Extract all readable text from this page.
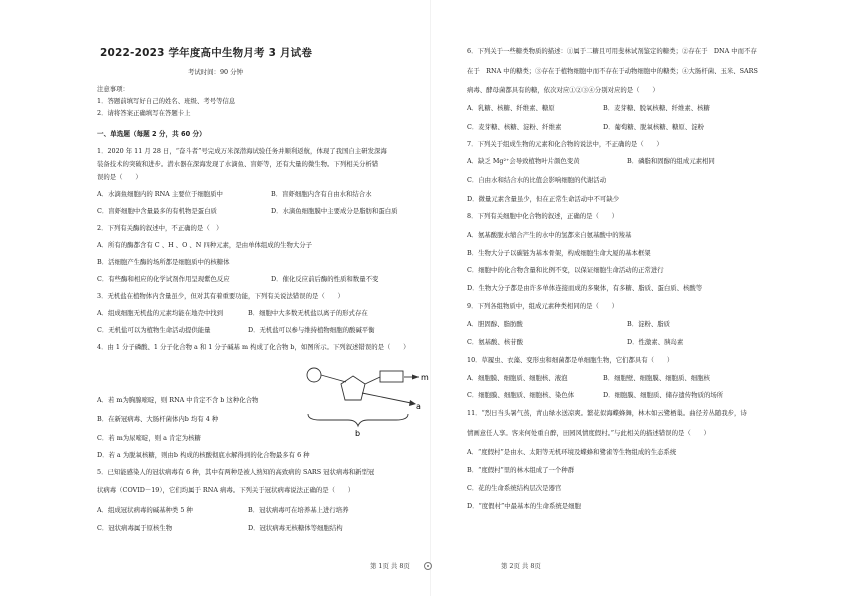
2022-2023 学年度高中生物月考 3 月试卷
考试时间：90 分钟
注意事项：
1．答题前填写好自己的姓名、班级、考号等信息
2．请将答案正确填写在答题卡上
一、单选题（每题 2 分，共 60 分）
1．2020 年 11 月 28 日，“奋斗者”号完成万米深潜海试验任务并顺利返航，体现了我国自主研发深海
装备技术的突破和进步。潜水器在深海发现了水滴鱼、盲虾等，还有大量的微生物。下列相关分析错
误的是（　　）
A．水滴鱼细胞内的 RNA 主要位于细胞质中	B．盲虾细胞内含有自由水和结合水
C．盲虾细胞中含量最多的有机物是蛋白质	D．水滴鱼细胞膜中主要成分是脂肪和蛋白质
2．下列有关酶的叙述中，不正确的是（　）
A．所有的酶都含有 C 、H 、O 、N 四种元素，是由单体组成的生物大分子
B．活细胞产生酶的场所都是细胞质中的核糖体
C．有些酶和相应的化学试剂作用呈现紫色反应	D．催化反应前后酶的性质和数量不变
3．无机盐在植物体内含量虽少，但对其有着重要功能，下列有关说法错误的是（　　）
A．组成细胞无机盐的元素均能在地壳中找到	B．细胞中大多数无机盐以离子的形式存在
C．无机盐可以为植物生命活动提供能量	D．无机盐可以参与维持植物细胞的酸碱平衡
4．由 1 分子磷酸、1 分子化合物 a 和 1 分子碱基 m 构成了化合物 b，如图所示。下列叙述错误的是（　　）
m
a
b
A．若 m为胸腺嘧啶，则 RNA 中肯定不含 b 这种化合物
B．在新冠病毒、大肠杆菌体内b 均有 4 种
C．若 m为尿嘧啶，则 a 肯定为核糖
D．若 a 为脱氧核糖，则由b 构成的核酸彻底水解得到的化合物最多有 6 种
5．已知能感染人的冠状病毒有 6 种，其中有两种是被人熟知的高致病的 SARS 冠状病毒和新型冠
状病毒（COVID－19），它们均属于 RNA 病毒。下列关于冠状病毒说法正确的是（　　）
A．组成冠状病毒的碱基种类 5 种	B．冠状病毒可在培养基上进行培养
C．冠状病毒属于原核生物	D．冠状病毒无核糖体等细胞结构
第 1页 共 8页
6．下列关于一些糖类物质的描述：①属于二糖且可用斐林试剂鉴定的糖类；②存在于　DNA 中而不存
在于　RNA 中的糖类；③存在于植物细胞中而不存在于动物细胞中的糖类；④大肠杆菌、玉米、SARS
病毒、酵母菌都具有的糖，依次对应①②③④分别对应的是（　　）
A．乳糖、核糖、纤维素、糖原	B．麦芽糖、脱氧核糖、纤维素、核糖
C．麦芽糖、核糖、淀粉、纤维素	D．葡萄糖、脱氧核糖、糖原、淀粉
7．下列关于组成生物的元素和化合物的说法中，不正确的是（　　）
A．缺乏 Mg²⁺会导致植物叶片颜色变黄	B．磷脂和固醇的组成元素相同
C．自由水和结合水的比值会影响细胞的代谢活动
D．微量元素含量虽少，但在正常生命活动中不可缺少
8．下列有关细胞中化合物的叙述，正确的是（　　）
A．氨基酸脱水缩合产生的水中的氢都来自氨基酸中的羧基
B．生物大分子以碳链为基本骨架，构成细胞生命大厦的基本框架
C．细胞中的化合物含量和比例不变，以保证细胞生命活动的正常进行
D．生物大分子都是由许多单体连接而成的多聚体，有多糖、脂质、蛋白质、核酸等
9．下列各组物质中，组成元素种类相同的是（　　）
A．胆固醇、脂肪酸	B．淀粉、脂质
C．氨基酸、核苷酸	D．性激素、胰岛素
10．草履虫、衣藻、变形虫和细菌都是单细胞生物，它们都具有（　　）
A．细胞膜、细胞质、细胞核、液泡	B．细胞壁、细胞膜、细胞质、细胞核
C．细胞膜、细胞质、细胞核、染色体	D．细胞膜、细胞质、储存遗传物质的场所
11．“烈日当头暑气蒸，青山绿水送凉爽。繁花似海蝶蜂舞，林木如云鹭栖巢。曲径芳丛随我步，诗
情画意任人享。客来何处重自醉，田园风情度假村。”与此相关的描述错误的是（　　）
A．“度假村”是由水、太阳等无机环境及蝶蜂和鹭雀等生物组成的生态系统
B．“度假村”里的林木组成了一个种群
C．花的生命系统结构层次是器官
D．“度假村”中最基本的生命系统是细胞
第 2页 共 8页
